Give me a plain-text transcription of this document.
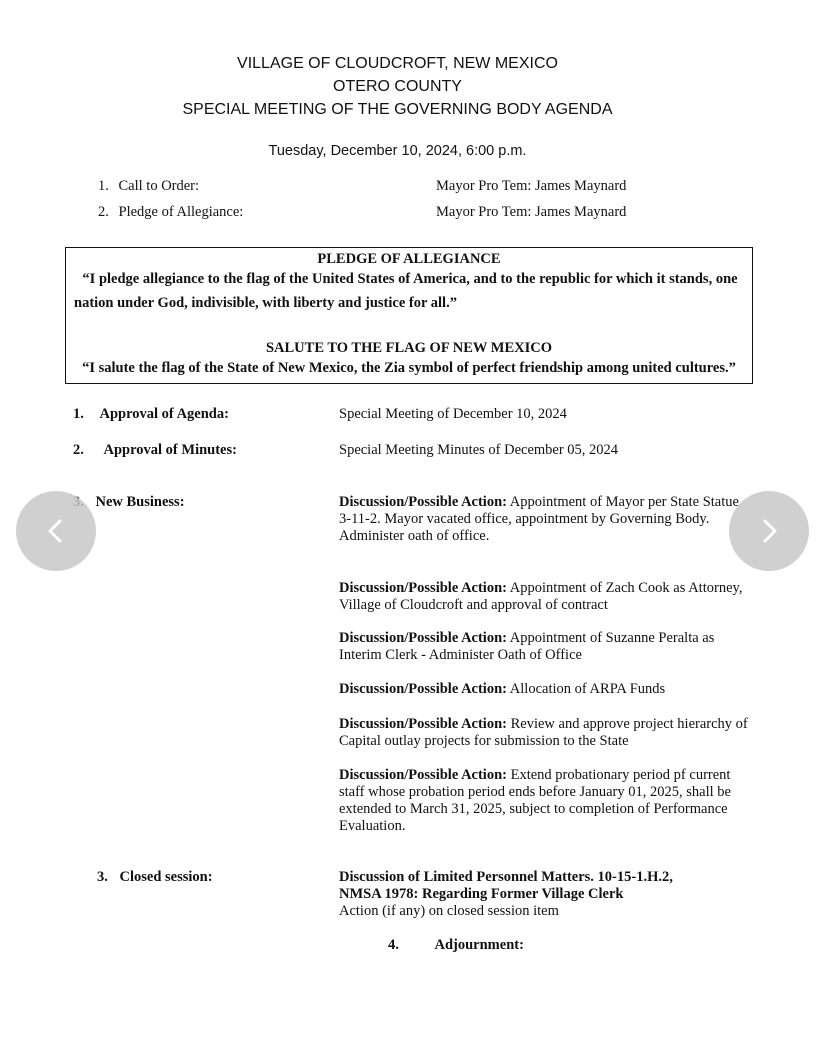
VILLAGE OF CLOUDCROFT, NEW MEXICO
OTERO COUNTY
SPECIAL MEETING OF THE GOVERNING BODY AGENDA
Tuesday, December 10, 2024, 6:00 p.m.
1. Call to Order:	Mayor Pro Tem: James Maynard
2. Pledge of Allegiance:	Mayor Pro Tem: James Maynard
PLEDGE OF ALLEGIANCE
“I pledge allegiance to the flag of the United States of America, and to the republic for which it stands, one
nation under God, indivisible, with liberty and justice for all.”
SALUTE TO THE FLAG OF NEW MEXICO
“I salute the flag of the State of New Mexico, the Zia symbol of perfect friendship among united cultures.”
1. Approval of Agenda:	Special Meeting of December 10, 2024
2. Approval of Minutes:	Special Meeting Minutes of December 05, 2024
New Business:	Discussion/Possible Action: Appointment of Mayor per State Statue 3-11-2. Mayor vacated office, appointment by Governing Body. Administer oath of office.
Discussion/Possible Action: Appointment of Zach Cook as Attorney, Village of Cloudcroft and approval of contract
Discussion/Possible Action: Appointment of Suzanne Peralta as Interim Clerk - Administer Oath of Office
Discussion/Possible Action: Allocation of ARPA Funds
Discussion/Possible Action: Review and approve project hierarchy of Capital outlay projects for submission to the State
Discussion/Possible Action: Extend probationary period pf current staff whose probation period ends before January 01, 2025, shall be extended to March 31, 2025, subject to completion of Performance Evaluation.
3. Closed session:	Discussion of Limited Personnel Matters. 10-15-1.H.2,
NMSA 1978: Regarding Former Village Clerk
Action (if any) on closed session item
4. Adjournment:
